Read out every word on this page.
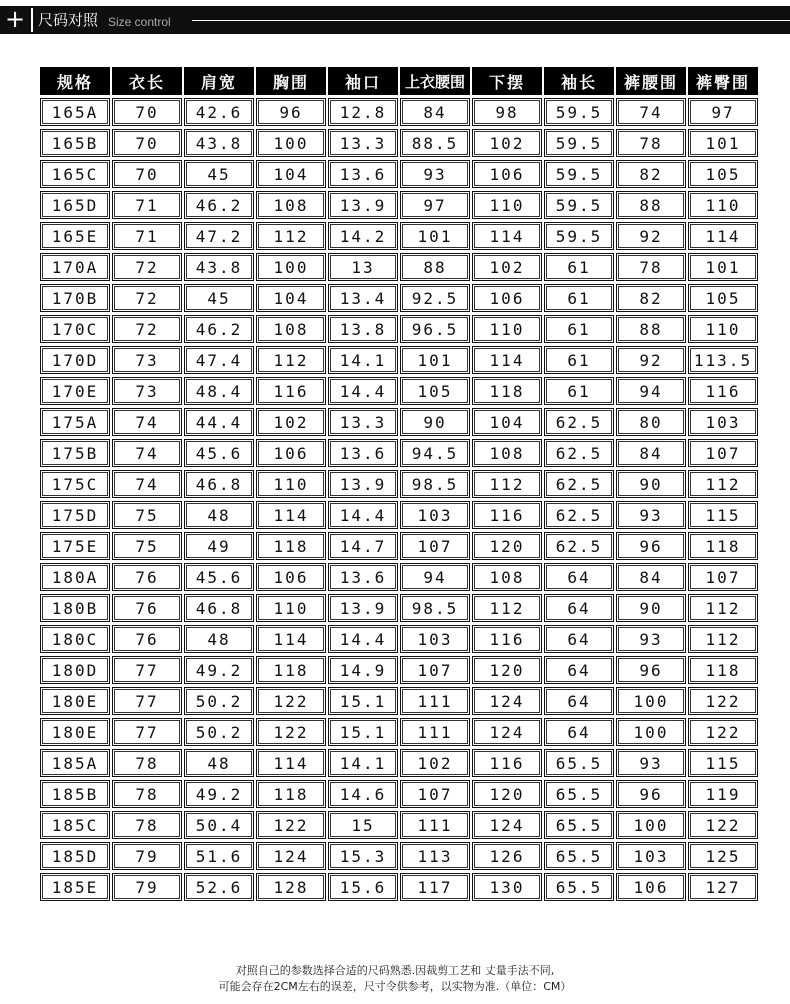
+ 尺码对照 Size control
规格	衣长	肩宽	胸围	袖口	上衣腰围	下摆	袖长	裤腰围	裤臀围
165A	70	42.6	96	12.8	84	98	59.5	74	97
165B	70	43.8	100	13.3	88.5	102	59.5	78	101
165C	70	45	104	13.6	93	106	59.5	82	105
165D	71	46.2	108	13.9	97	110	59.5	88	110
165E	71	47.2	112	14.2	101	114	59.5	92	114
170A	72	43.8	100	13	88	102	61	78	101
170B	72	45	104	13.4	92.5	106	61	82	105
170C	72	46.2	108	13.8	96.5	110	61	88	110
170D	73	47.4	112	14.1	101	114	61	92	113.5
170E	73	48.4	116	14.4	105	118	61	94	116
175A	74	44.4	102	13.3	90	104	62.5	80	103
175B	74	45.6	106	13.6	94.5	108	62.5	84	107
175C	74	46.8	110	13.9	98.5	112	62.5	90	112
175D	75	48	114	14.4	103	116	62.5	93	115
175E	75	49	118	14.7	107	120	62.5	96	118
180A	76	45.6	106	13.6	94	108	64	84	107
180B	76	46.8	110	13.9	98.5	112	64	90	112
180C	76	48	114	14.4	103	116	64	93	112
180D	77	49.2	118	14.9	107	120	64	96	118
180E	77	50.2	122	15.1	111	124	64	100	122
180E	77	50.2	122	15.1	111	124	64	100	122
185A	78	48	114	14.1	102	116	65.5	93	115
185B	78	49.2	118	14.6	107	120	65.5	96	119
185C	78	50.4	122	15	111	124	65.5	100	122
185D	79	51.6	124	15.3	113	126	65.5	103	125
185E	79	52.6	128	15.6	117	130	65.5	106	127
对照自己的参数选择合适的尺码熟悉.因裁剪工艺和 丈量手法不同,
可能会存在2CM左右的误差，尺寸令供参考，以实物为准.（单位：CM）
